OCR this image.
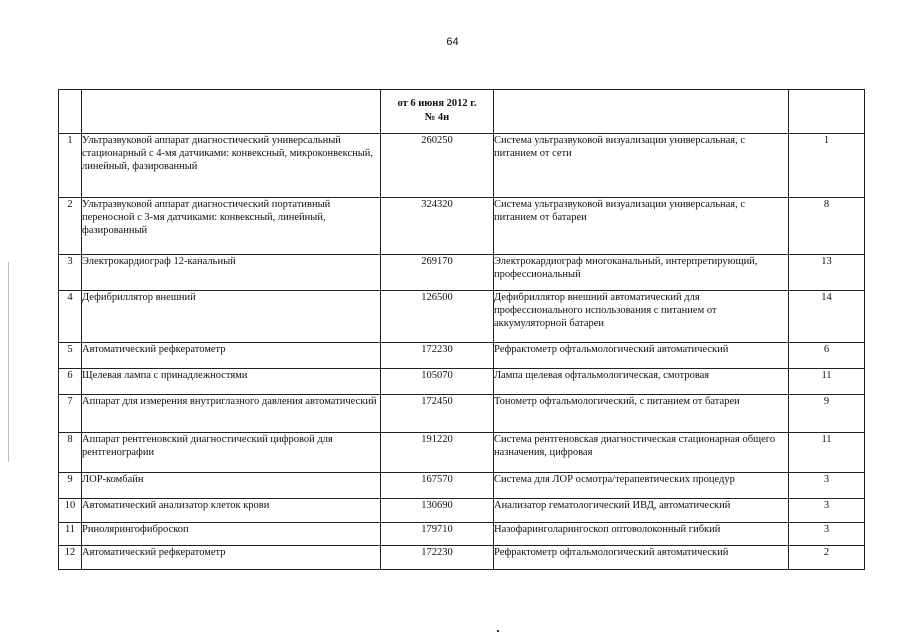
64

		от 6 июня 2012 г.
№ 4н		

1	Ультразвуковой аппарат диагностический универсальный стационарный с 4-мя датчиками: конвексный, микроконвексный, линейный, фазированный	260250	Система ультразвуковой визуализации универсальная, с питанием от сети	1
2	Ультразвуковой аппарат диагностический портативный переносной с 3-мя датчиками: конвексный, линейный, фазированный	324320	Система ультразвуковой визуализации универсальная, с питанием от батареи	8
3	Электрокардиограф 12-канальный	269170	Электрокардиограф многоканальный, интерпретирующий, профессиональный	13
4	Дефибриллятор внешний	126500	Дефибриллятор внешний автоматический для профессионального использования с питанием от аккумуляторной батареи	14
5	Автоматический рефкератометр	172230	Рефрактометр офтальмологический автоматический	6
6	Щелевая лампа с принадлежностями	105070	Лампа щелевая офтальмологическая, смотровая	11
7	Аппарат для измерения внутриглазного давления автоматический	172450	Тонометр офтальмологический, с питанием от батареи	9
8	Аппарат рентгеновский диагностический цифровой для рентгенографии	191220	Система рентгеновская диагностическая стационарная общего назначения, цифровая	11
9	ЛОР-комбайн	167570	Система для ЛОР осмотра/терапевтических процедур	3
10	Автоматический анализатор клеток крови	130690	Анализатор гематологический ИВД, автоматический	3
11	Ринолярингофиброскоп	179710	Назофаринголарингоскоп оптоволоконный гибкий	3
12	Автоматический рефкератометр	172230	Рефрактометр офтальмологический автоматический	2
